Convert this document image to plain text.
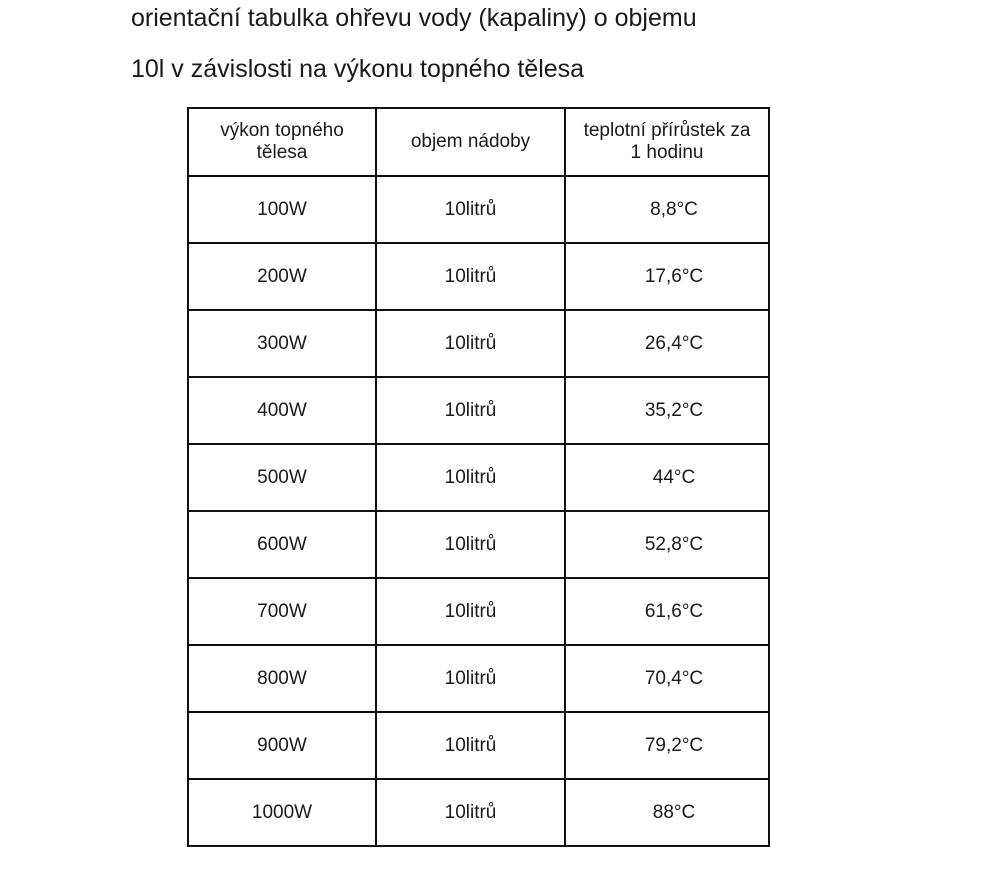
orientační tabulka ohřevu vody (kapaliny) o objemu
10l v závislosti na výkonu topného tělesa
výkon topného tělesa	objem nádoby	teplotní přírůstek za 1 hodinu
100W	10litrů	8,8°C
200W	10litrů	17,6°C
300W	10litrů	26,4°C
400W	10litrů	35,2°C
500W	10litrů	44°C
600W	10litrů	52,8°C
700W	10litrů	61,6°C
800W	10litrů	70,4°C
900W	10litrů	79,2°C
1000W	10litrů	88°C
